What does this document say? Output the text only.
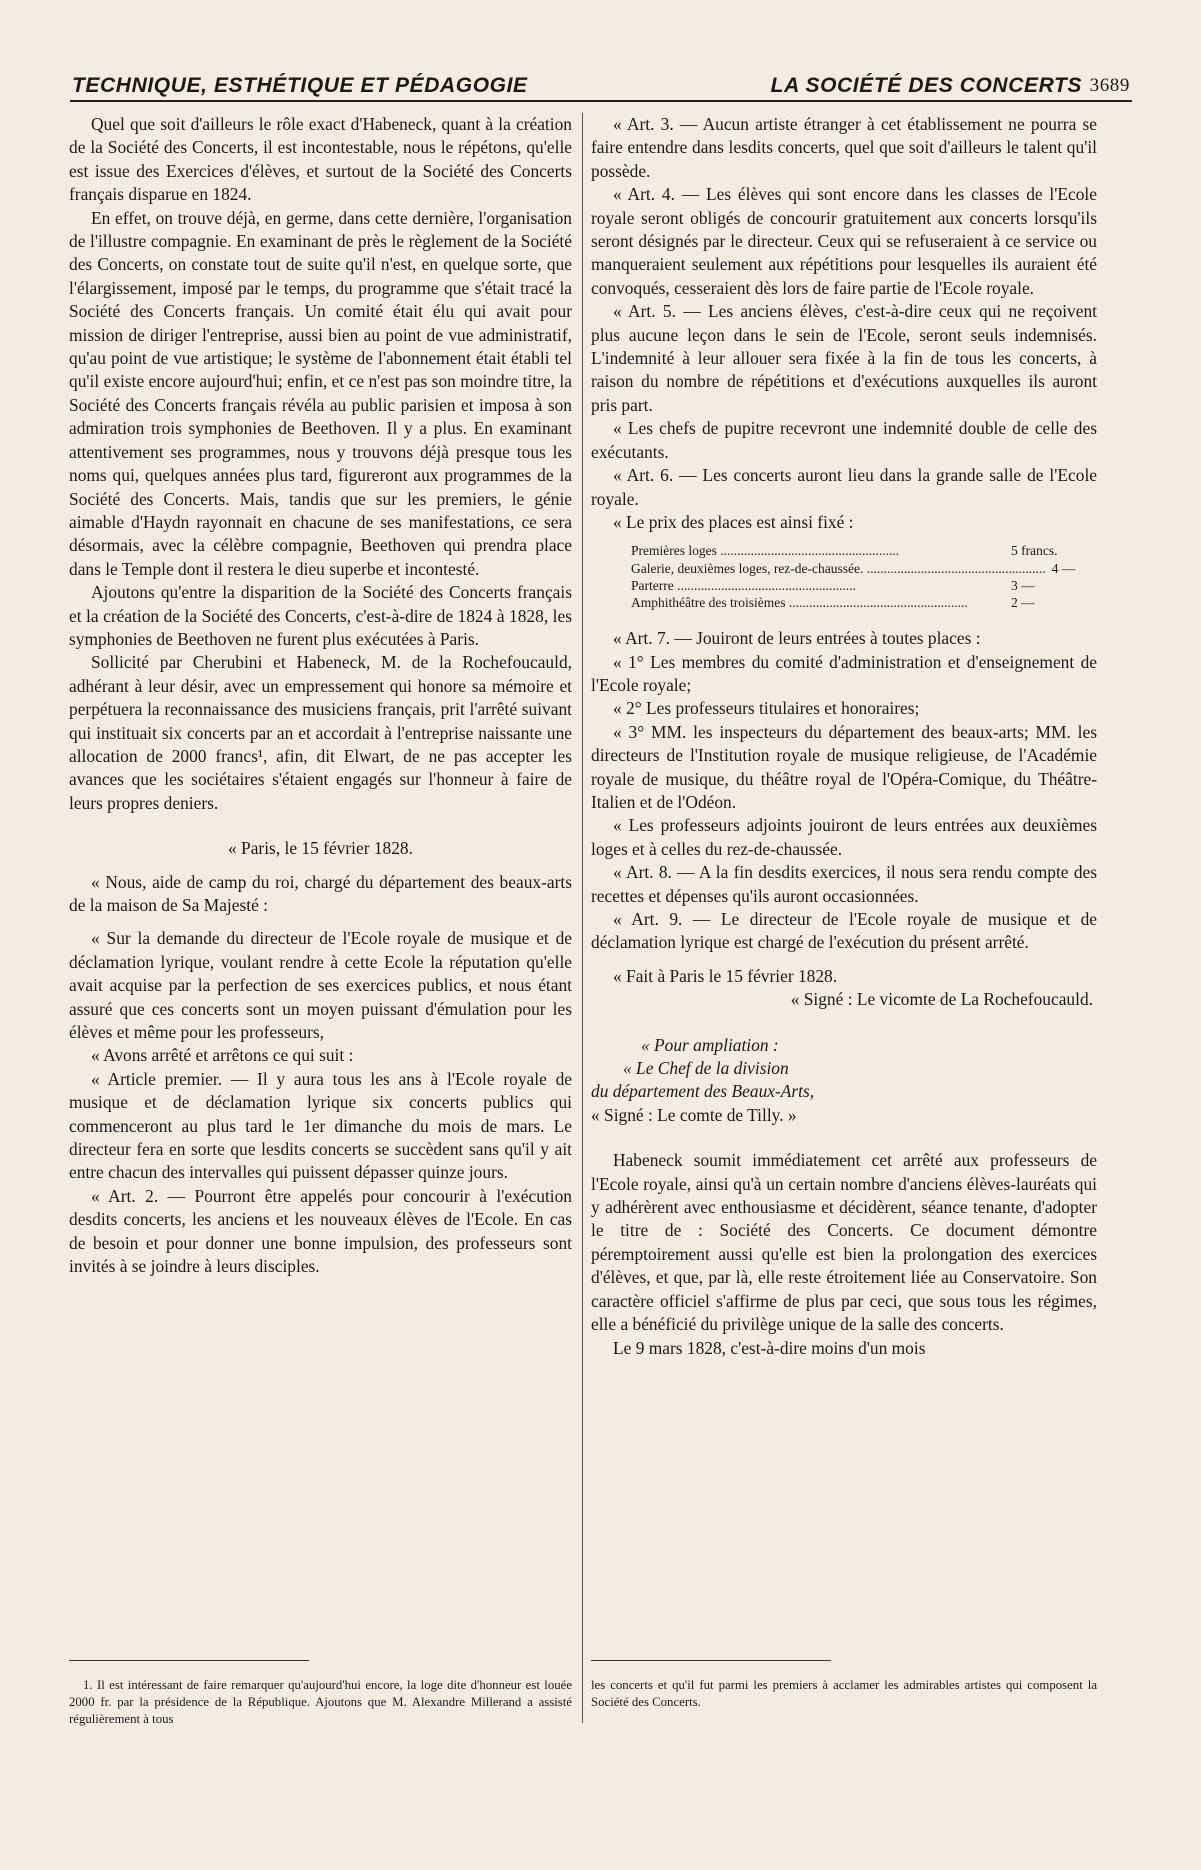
TECHNIQUE, ESTHÉTIQUE ET PÉDAGOGIE	LA SOCIÉTÉ DES CONCERTS 3689

Quel que soit d'ailleurs le rôle exact d'Habeneck, quant à la création de la Société des Concerts, il est incontestable, nous le répétons, qu'elle est issue des Exercices d'élèves, et surtout de la Société des Concerts français disparue en 1824.

En effet, on trouve déjà, en germe, dans cette dernière, l'organisation de l'illustre compagnie. En examinant de près le règlement de la Société des Concerts, on constate tout de suite qu'il n'est, en quelque sorte, que l'élargissement, imposé par le temps, du programme que s'était tracé la Société des Concerts français. Un comité était élu qui avait pour mission de diriger l'entreprise, aussi bien au point de vue administratif, qu'au point de vue artistique; le système de l'abonnement était établi tel qu'il existe encore aujourd'hui; enfin, et ce n'est pas son moindre titre, la Société des Concerts français révéla au public parisien et imposa à son admiration trois symphonies de Beethoven. Il y a plus. En examinant attentivement ses programmes, nous y trouvons déjà presque tous les noms qui, quelques années plus tard, figureront aux programmes de la Société des Concerts. Mais, tandis que sur les premiers, le génie aimable d'Haydn rayonnait en chacune de ses manifestations, ce sera désormais, avec la célèbre compagnie, Beethoven qui prendra place dans le Temple dont il restera le dieu superbe et incontesté.

Ajoutons qu'entre la disparition de la Société des Concerts français et la création de la Société des Concerts, c'est-à-dire de 1824 à 1828, les symphonies de Beethoven ne furent plus exécutées à Paris.

Sollicité par Cherubini et Habeneck, M. de la Rochefoucauld, adhérant à leur désir, avec un empressement qui honore sa mémoire et perpétuera la reconnaissance des musiciens français, prit l'arrêté suivant qui instituait six concerts par an et accordait à l'entreprise naissante une allocation de 2000 francs¹, afin, dit Elwart, de ne pas accepter les avances que les sociétaires s'étaient engagés sur l'honneur à faire de leurs propres deniers.

« Paris, le 15 février 1828.

« Nous, aide de camp du roi, chargé du département des beaux-arts de la maison de Sa Majesté :

« Sur la demande du directeur de l'Ecole royale de musique et de déclamation lyrique, voulant rendre à cette Ecole la réputation qu'elle avait acquise par la perfection de ses exercices publics, et nous étant assuré que ces concerts sont un moyen puissant d'émulation pour les élèves et même pour les professeurs,

« Avons arrêté et arrêtons ce qui suit :

« Article premier. — Il y aura tous les ans à l'Ecole royale de musique et de déclamation lyrique six concerts publics qui commenceront au plus tard le 1er dimanche du mois de mars. Le directeur fera en sorte que lesdits concerts se succèdent sans qu'il y ait entre chacun des intervalles qui puissent dépasser quinze jours.

« Art. 2. — Pourront être appelés pour concourir à l'exécution desdits concerts, les anciens et les nouveaux élèves de l'Ecole. En cas de besoin et pour donner une bonne impulsion, des professeurs sont invités à se joindre à leurs disciples.

1. Il est intéressant de faire remarquer qu'aujourd'hui encore, la loge dite d'honneur est louée 2000 fr. par la présidence de la République. Ajoutons que M. Alexandre Millerand a assisté régulièrement à tous

« Art. 3. — Aucun artiste étranger à cet établissement ne pourra se faire entendre dans lesdits concerts, quel que soit d'ailleurs le talent qu'il possède.

« Art. 4. — Les élèves qui sont encore dans les classes de l'Ecole royale seront obligés de concourir gratuitement aux concerts lorsqu'ils seront désignés par le directeur. Ceux qui se refuseraient à ce service ou manqueraient seulement aux répétitions pour lesquelles ils auraient été convoqués, cesseraient dès lors de faire partie de l'Ecole royale.

« Art. 5. — Les anciens élèves, c'est-à-dire ceux qui ne reçoivent plus aucune leçon dans le sein de l'Ecole, seront seuls indemnisés. L'indemnité à leur allouer sera fixée à la fin de tous les concerts, à raison du nombre de répétitions et d'exécutions auxquelles ils auront pris part.

« Les chefs de pupitre recevront une indemnité double de celle des exécutants.

« Art. 6. — Les concerts auront lieu dans la grande salle de l'Ecole royale.

« Le prix des places est ainsi fixé :

Premières loges .....................................................	5 francs.
Galerie, deuxièmes loges, rez-de-chaussée. ..................................................... 4 —
Parterre .....................................................	3 —
Amphithéâtre des troisièmes .....................................................	2 —

« Art. 7. — Jouiront de leurs entrées à toutes places :

« 1° Les membres du comité d'administration et d'enseignement de l'Ecole royale;

« 2° Les professeurs titulaires et honoraires;

« 3° MM. les inspecteurs du département des beaux-arts; MM. les directeurs de l'Institution royale de musique religieuse, de l'Académie royale de musique, du théâtre royal de l'Opéra-Comique, du Théâtre-Italien et de l'Odéon.

« Les professeurs adjoints jouiront de leurs entrées aux deuxièmes loges et à celles du rez-de-chaussée.

« Art. 8. — A la fin desdits exercices, il nous sera rendu compte des recettes et dépenses qu'ils auront occasionnées.

« Art. 9. — Le directeur de l'Ecole royale de musique et de déclamation lyrique est chargé de l'exécution du présent arrêté.

« Fait à Paris le 15 février 1828.

« Signé : Le vicomte de La Rochefoucauld.

« Pour ampliation :

« Le Chef de la division

du département des Beaux-Arts,

« Signé : Le comte de Tilly. »

Habeneck soumit immédiatement cet arrêté aux professeurs de l'Ecole royale, ainsi qu'à un certain nombre d'anciens élèves-lauréats qui y adhérèrent avec enthousiasme et décidèrent, séance tenante, d'adopter le titre de : Société des Concerts. Ce document démontre péremptoirement aussi qu'elle est bien la prolongation des exercices d'élèves, et que, par là, elle reste étroitement liée au Conservatoire. Son caractère officiel s'affirme de plus par ceci, que sous tous les régimes, elle a bénéficié du privilège unique de la salle des concerts.

Le 9 mars 1828, c'est-à-dire moins d'un mois

les concerts et qu'il fut parmi les premiers à acclamer les admirables artistes qui composent la Société des Concerts.
